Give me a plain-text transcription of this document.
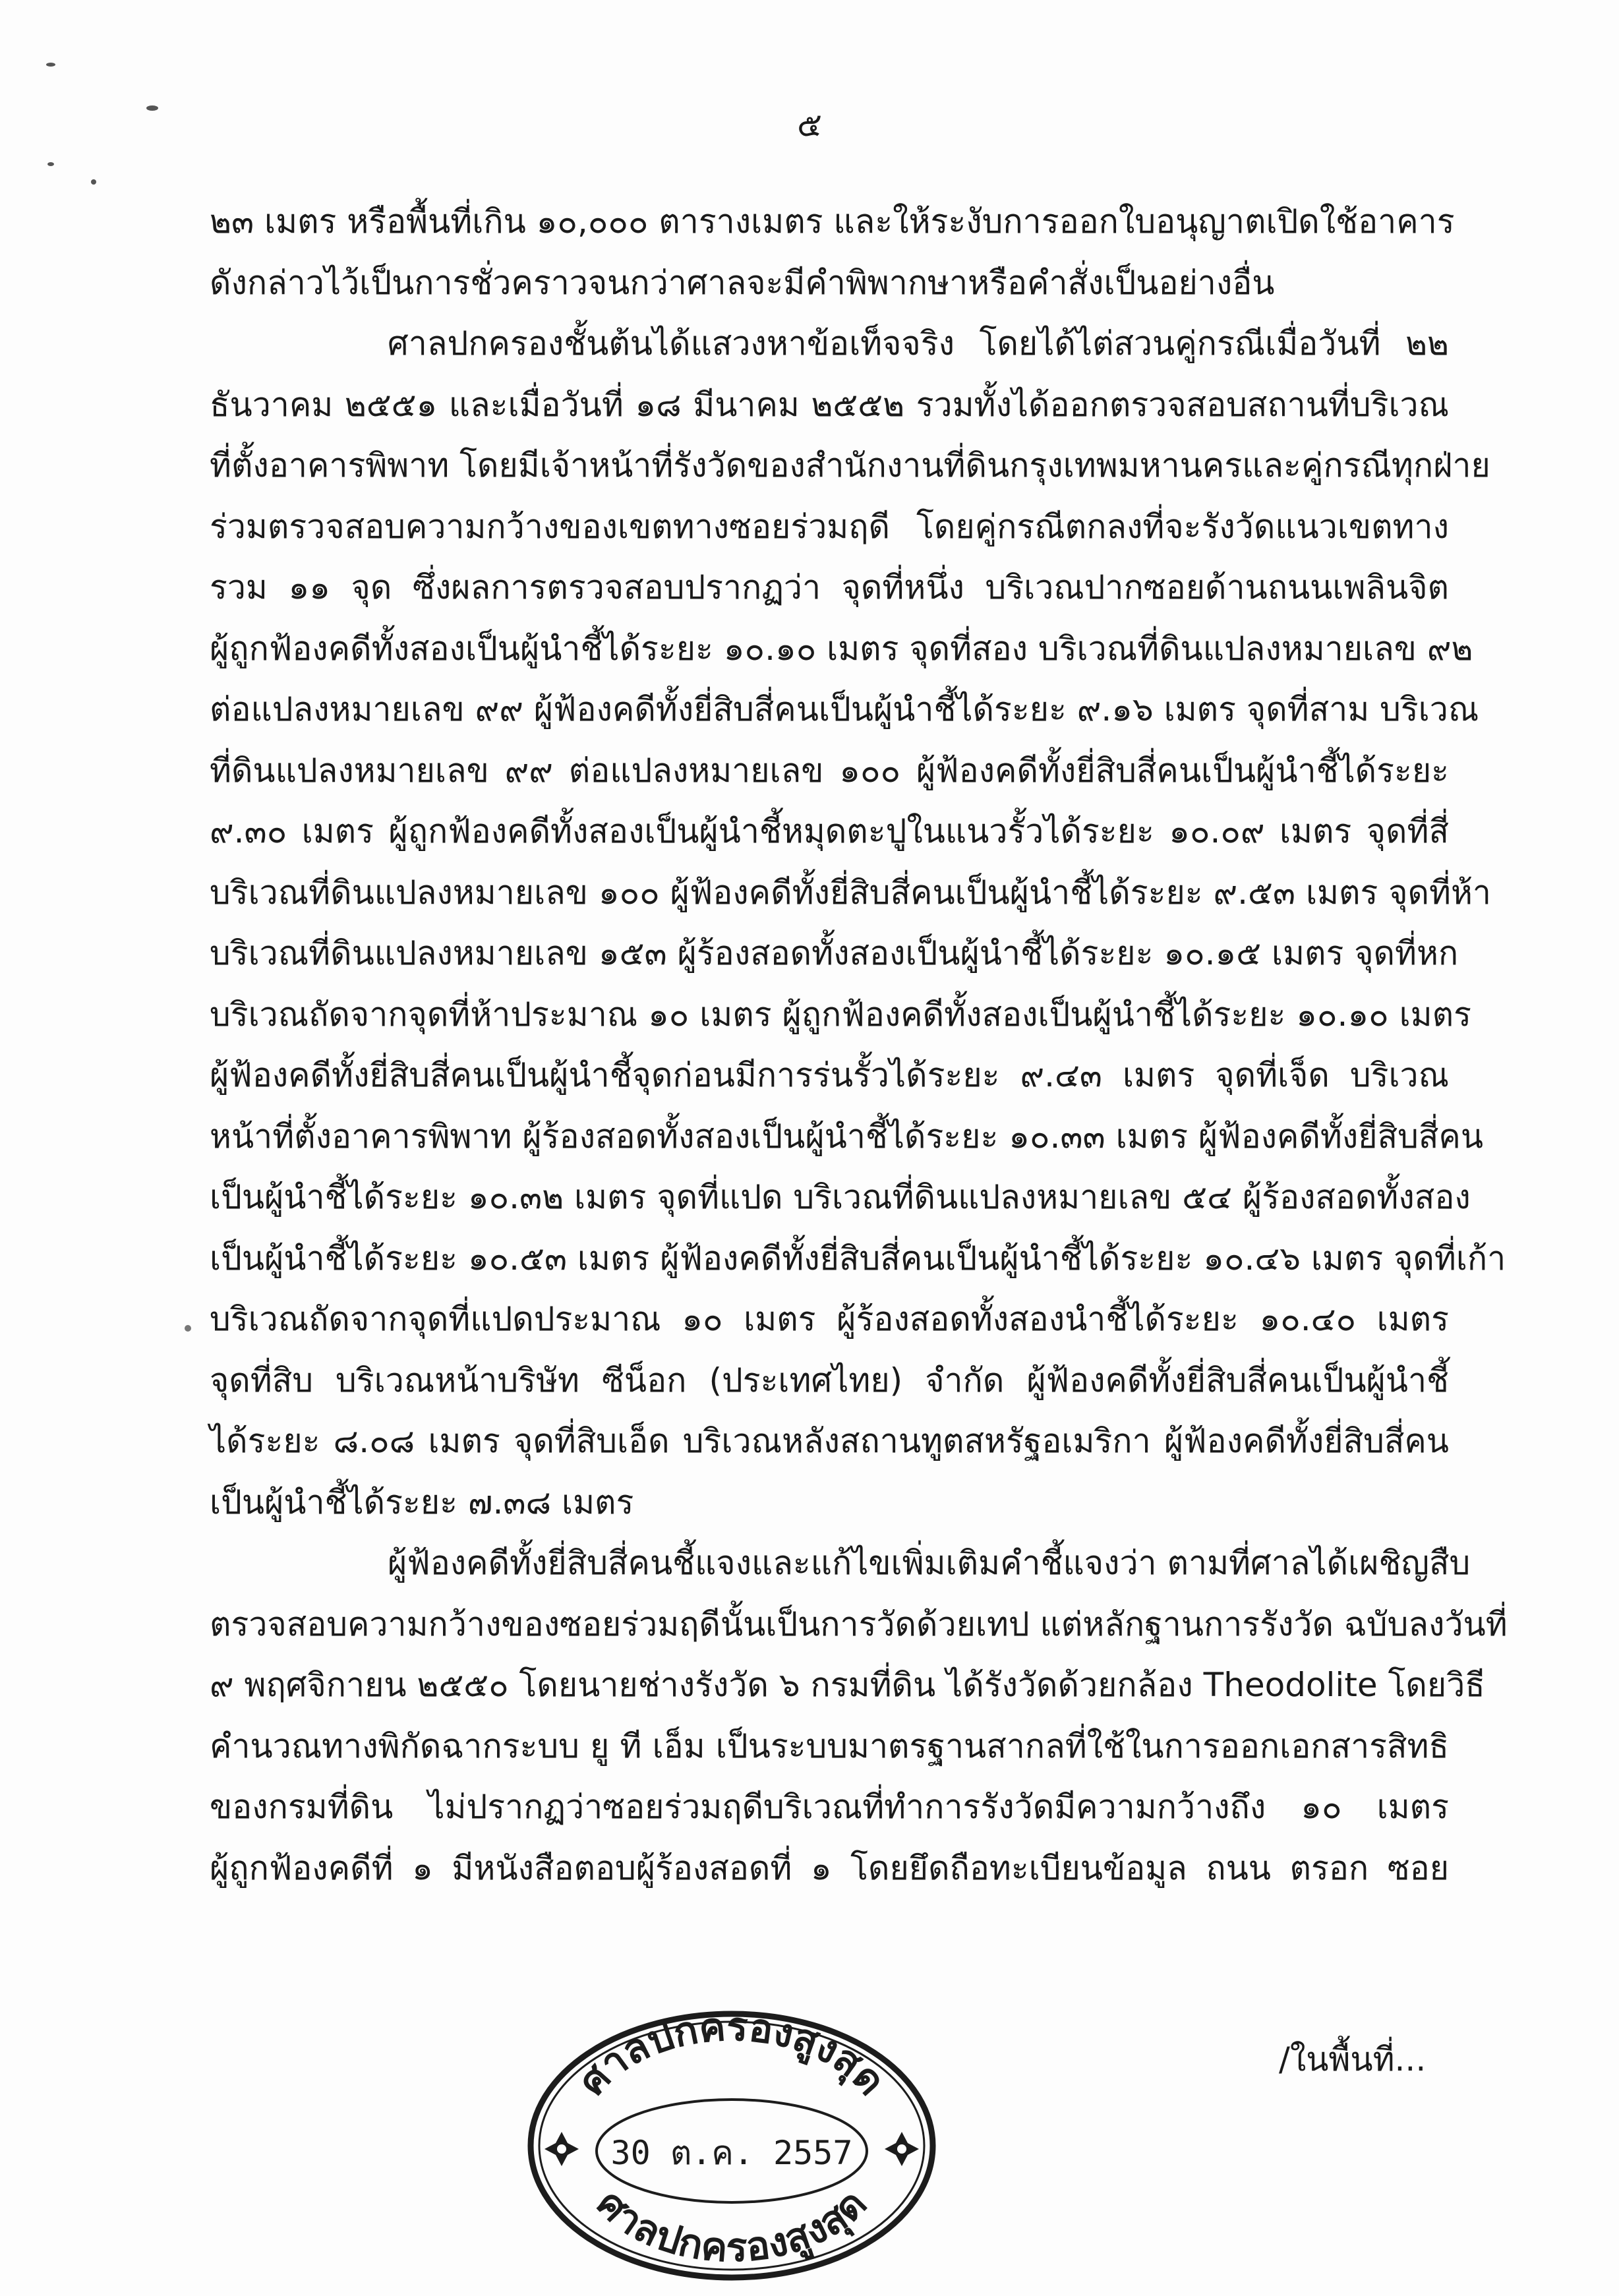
๕
๒๓ เมตร หรือพื้นที่เกิน ๑๐,๐๐๐ ตารางเมตร และให้ระงับการออกใบอนุญาตเปิดใช้อาคาร
ดังกล่าวไว้เป็นการชั่วคราวจนกว่าศาลจะมีคำพิพากษาหรือคำสั่งเป็นอย่างอื่น
ศาลปกครองชั้นต้นได้แสวงหาข้อเท็จจริง โดยได้ไต่สวนคู่กรณีเมื่อวันที่ ๒๒
ธันวาคม ๒๕๕๑ และเมื่อวันที่ ๑๘ มีนาคม ๒๕๕๒ รวมทั้งได้ออกตรวจสอบสถานที่บริเวณ
ที่ตั้งอาคารพิพาท โดยมีเจ้าหน้าที่รังวัดของสำนักงานที่ดินกรุงเทพมหานครและคู่กรณีทุกฝ่าย
ร่วมตรวจสอบความกว้างของเขตทางซอยร่วมฤดี โดยคู่กรณีตกลงที่จะรังวัดแนวเขตทาง
รวม ๑๑ จุด ซึ่งผลการตรวจสอบปรากฏว่า จุดที่หนึ่ง บริเวณปากซอยด้านถนนเพลินจิต
ผู้ถูกฟ้องคดีทั้งสองเป็นผู้นำชี้ได้ระยะ ๑๐.๑๐ เมตร จุดที่สอง บริเวณที่ดินแปลงหมายเลข ๙๒
ต่อแปลงหมายเลข ๙๙ ผู้ฟ้องคดีทั้งยี่สิบสี่คนเป็นผู้นำชี้ได้ระยะ ๙.๑๖ เมตร จุดที่สาม บริเวณ
ที่ดินแปลงหมายเลข ๙๙ ต่อแปลงหมายเลข ๑๐๐ ผู้ฟ้องคดีทั้งยี่สิบสี่คนเป็นผู้นำชี้ได้ระยะ
๙.๓๐ เมตร ผู้ถูกฟ้องคดีทั้งสองเป็นผู้นำชี้หมุดตะปูในแนวรั้วได้ระยะ ๑๐.๐๙ เมตร จุดที่สี่
บริเวณที่ดินแปลงหมายเลข ๑๐๐ ผู้ฟ้องคดีทั้งยี่สิบสี่คนเป็นผู้นำชี้ได้ระยะ ๙.๕๓ เมตร จุดที่ห้า
บริเวณที่ดินแปลงหมายเลข ๑๕๓ ผู้ร้องสอดทั้งสองเป็นผู้นำชี้ได้ระยะ ๑๐.๑๕ เมตร จุดที่หก
บริเวณถัดจากจุดที่ห้าประมาณ ๑๐ เมตร ผู้ถูกฟ้องคดีทั้งสองเป็นผู้นำชี้ได้ระยะ ๑๐.๑๐ เมตร
ผู้ฟ้องคดีทั้งยี่สิบสี่คนเป็นผู้นำชี้จุดก่อนมีการร่นรั้วได้ระยะ ๙.๔๓ เมตร จุดที่เจ็ด บริเวณ
หน้าที่ตั้งอาคารพิพาท ผู้ร้องสอดทั้งสองเป็นผู้นำชี้ได้ระยะ ๑๐.๓๓ เมตร ผู้ฟ้องคดีทั้งยี่สิบสี่คน
เป็นผู้นำชี้ได้ระยะ ๑๐.๓๒ เมตร จุดที่แปด บริเวณที่ดินแปลงหมายเลข ๕๔ ผู้ร้องสอดทั้งสอง
เป็นผู้นำชี้ได้ระยะ ๑๐.๕๓ เมตร ผู้ฟ้องคดีทั้งยี่สิบสี่คนเป็นผู้นำชี้ได้ระยะ ๑๐.๔๖ เมตร จุดที่เก้า
บริเวณถัดจากจุดที่แปดประมาณ ๑๐ เมตร ผู้ร้องสอดทั้งสองนำชี้ได้ระยะ ๑๐.๔๐ เมตร
จุดที่สิบ บริเวณหน้าบริษัท ซีน็อก (ประเทศไทย) จำกัด ผู้ฟ้องคดีทั้งยี่สิบสี่คนเป็นผู้นำชี้
ได้ระยะ ๘.๐๘ เมตร จุดที่สิบเอ็ด บริเวณหลังสถานทูตสหรัฐอเมริกา ผู้ฟ้องคดีทั้งยี่สิบสี่คน
เป็นผู้นำชี้ได้ระยะ ๗.๓๘ เมตร
ผู้ฟ้องคดีทั้งยี่สิบสี่คนชี้แจงและแก้ไขเพิ่มเติมคำชี้แจงว่า ตามที่ศาลได้เผชิญสืบ
ตรวจสอบความกว้างของซอยร่วมฤดีนั้นเป็นการวัดด้วยเทป แต่หลักฐานการรังวัด ฉบับลงวันที่
๙ พฤศจิกายน ๒๕๕๐ โดยนายช่างรังวัด ๖ กรมที่ดิน ได้รังวัดด้วยกล้อง Theodolite โดยวิธี
คำนวณทางพิกัดฉากระบบ ยู ที เอ็ม เป็นระบบมาตรฐานสากลที่ใช้ในการออกเอกสารสิทธิ
ของกรมที่ดิน ไม่ปรากฏว่าซอยร่วมฤดีบริเวณที่ทำการรังวัดมีความกว้างถึง ๑๐ เมตร
ผู้ถูกฟ้องคดีที่ ๑ มีหนังสือตอบผู้ร้องสอดที่ ๑ โดยยึดถือทะเบียนข้อมูล ถนน ตรอก ซอย
ศาลปกครองสูงสุด
30 ต.ค. 2557
ศาลปกครองสูงสุด
/ในพื้นที่...
